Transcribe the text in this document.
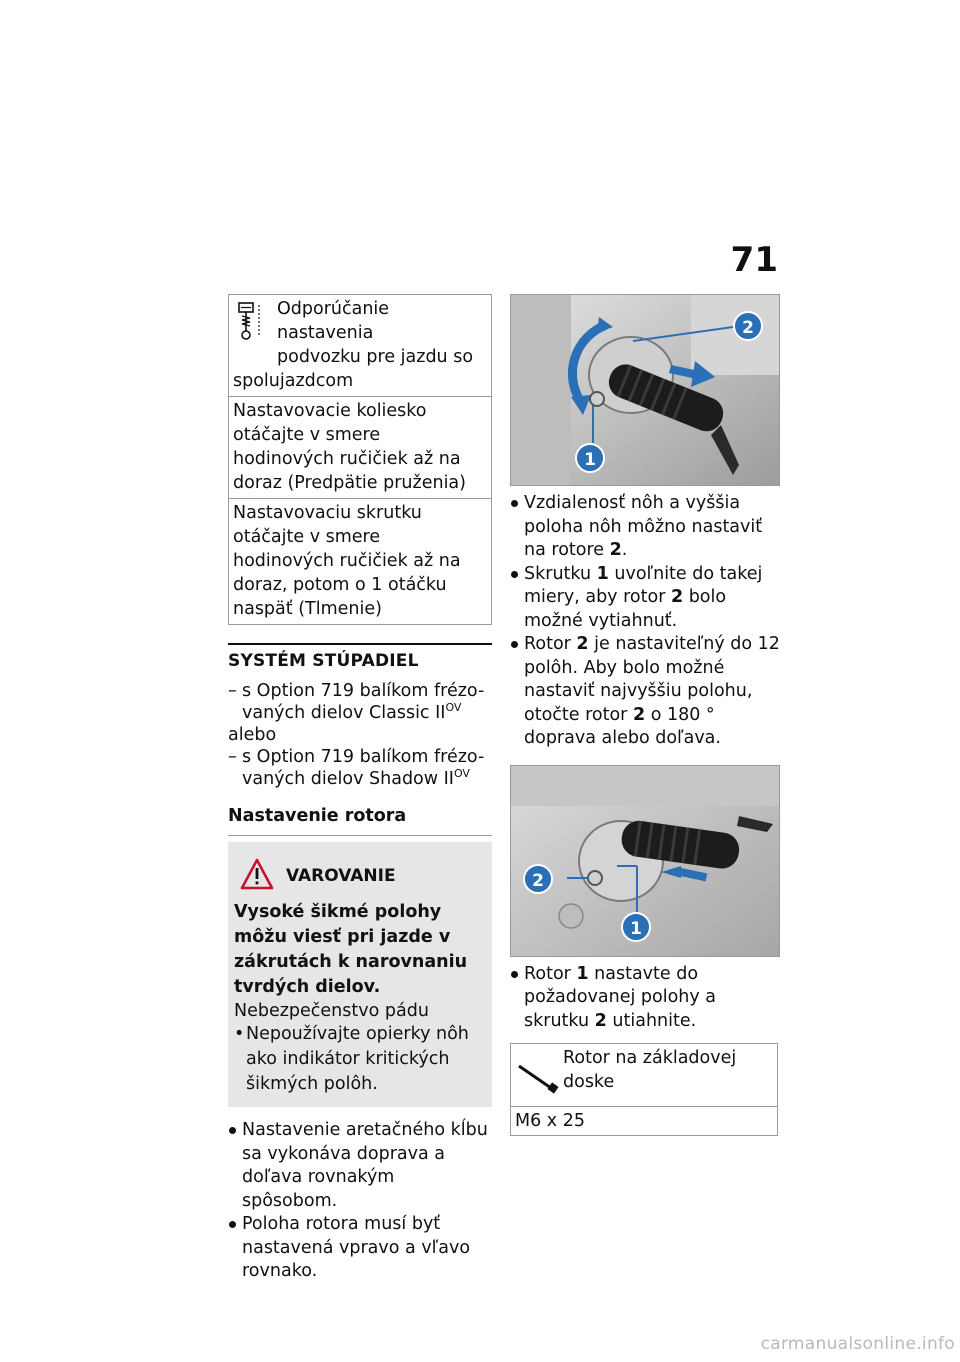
71
Odporúčanie nastavenia
podvozku pre jazdu so
spolujazdcom
Nastavovacie koliesko otáčajte v smere hodinových ručičiek až na doraz (Predpätie pruženia)
Nastavovaciu skrutku otáčajte v smere hodinových ručičiek až na doraz, potom o 1 otáčku naspäť (Tlmenie)
SYSTÉM STÚPADIEL
– s Option 719 balíkom frézo-
vaných dielov Classic $II^{OV}$
alebo
– s Option 719 balíkom frézo-
vaných dielov Shadow $II^{OV}$
Nastavenie rotora
VAROVANIE
Vysoké šikmé polohy môžu viesť pri jazde v zákrutách k narovnaniu tvrdých dielov.
Nebezpečenstvo pádu
• Nepoužívajte opierky nôh ako indikátor kritických šikmých polôh.
Nastavenie aretačného kĺbu sa vykonáva doprava a doľava rovnakým spôsobom.
Poloha rotora musí byť nastavená vpravo a vľavo rovnako.
1
2
Vzdialenosť nôh a vyššia poloha nôh môžno nastaviť na rotore 2.
Skrutku 1 uvoľnite do takej miery, aby rotor 2 bolo možné vytiahnuť.
Rotor 2 je nastaviteľný do 12 polôh. Aby bolo možné nastaviť najvyššiu polohu, otočte rotor 2 o 180 ° doprava alebo doľava.
2
1
Rotor 1 nastavte do požadovanej polohy a skrutku 2 utiahnite.
Rotor na základovej doske
M6 x 25
carmanualsonline.info
